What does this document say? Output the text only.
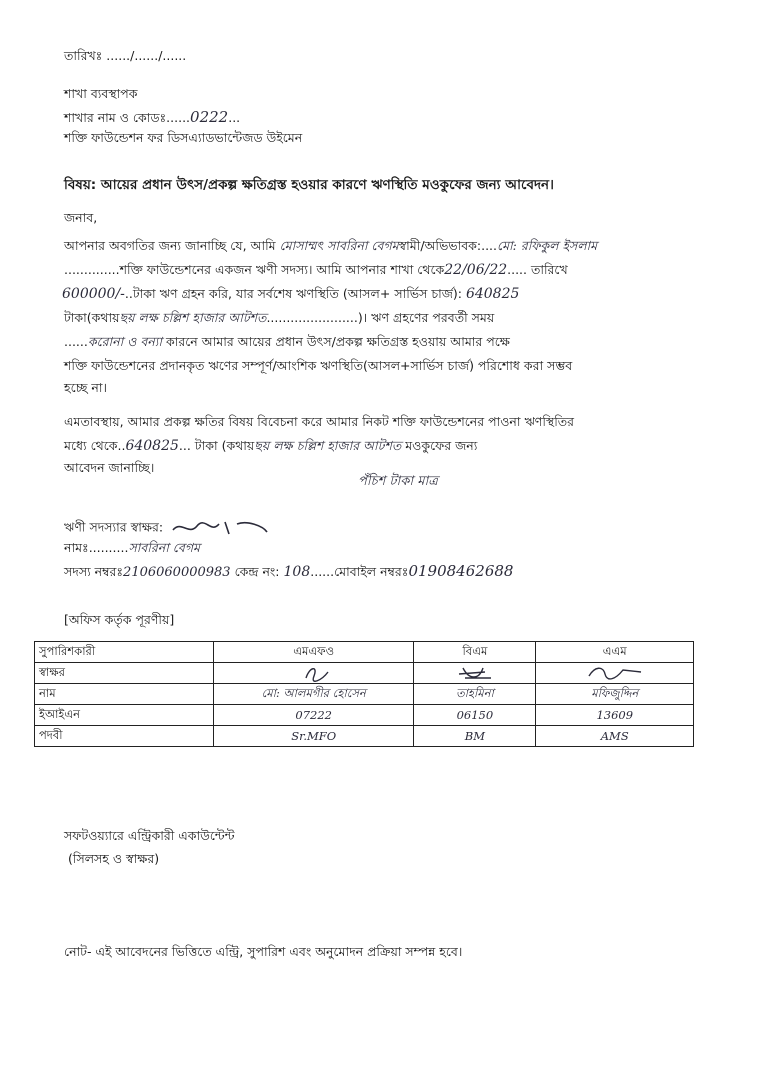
তারিখঃ ....../....../......
শাখা ব্যবস্থাপক
শাখার নাম ও কোডঃ......0222...
শক্তি ফাউন্ডেশন ফর ডিসএ্যাডভান্টেজড উইমেন
বিষয়: আয়ের প্রধান উৎস/প্রকল্প ক্ষতিগ্রস্ত হওয়ার কারণে ঋণস্থিতি মওকুফের জন্য আবেদন।
জনাব,
আপনার অবগতির জন্য জানাচ্ছি যে, আমি মোসাম্মৎ সাবরিনা বেগমস্বামী/অভিভাবক:....মো: রফিকুল ইসলাম
..............শক্তি ফাউন্ডেশনের একজন ঋণী সদস্য। আমি আপনার শাখা থেকে22/06/22..... তারিখে
600000/-..টাকা ঋণ গ্রহন করি, যার সর্বশেষ ঋণস্থিতি (আসল+ সার্ভিস চার্জ): 640825
টাকা(কথায়ছয় লক্ষ চল্লিশ হাজার আটশত.......................)। ঋণ গ্রহণের পরবর্তী সময়
......করোনা ও বন্যা কারনে আমার আয়ের প্রধান উৎস/প্রকল্প ক্ষতিগ্রস্ত হওয়ায় আমার পক্ষে
শক্তি ফাউন্ডেশনের প্রদানকৃত ঋণের সম্পূর্ণ/আংশিক ঋণস্থিতি(আসল+সার্ভিস চার্জ) পরিশোধ করা সম্ভব
হচ্ছে না।
এমতাবস্থায়, আমার প্রকল্প ক্ষতির বিষয় বিবেচনা করে আমার নিকট শক্তি ফাউন্ডেশনের পাওনা ঋণস্থিতির
মধ্যে থেকে..640825... টাকা (কথায়ছয় লক্ষ চল্লিশ হাজার আটশত মওকুফের জন্য
আবেদন জানাচ্ছি।
পঁচিশ টাকা মাত্র
ঋণী সদস্যার স্বাক্ষর:
নামঃ..........সাবরিনা বেগম
সদস্য নম্বরঃ2106060000983 কেন্দ্র নং: 108......মোবাইল নম্বরঃ01908462688
[অফিস কর্তৃক পূরণীয়]
সুপারিশকারী	এমএফও	বিএম	এএম
স্বাক্ষর	

নাম	মো: আলমগীর হোসেন	তাহমিনা	মফিজুদ্দিন
ইআইএন	07222	06150	13609
পদবী	Sr.MFO	BM	AMS
সফটওয়্যারে এন্ট্রিকারী একাউন্টেন্ট
(সিলসহ ও স্বাক্ষর)
নোট- এই আবেদনের ভিত্তিতে এন্ট্রি, সুপারিশ এবং অনুমোদন প্রক্রিয়া সম্পন্ন হবে।
